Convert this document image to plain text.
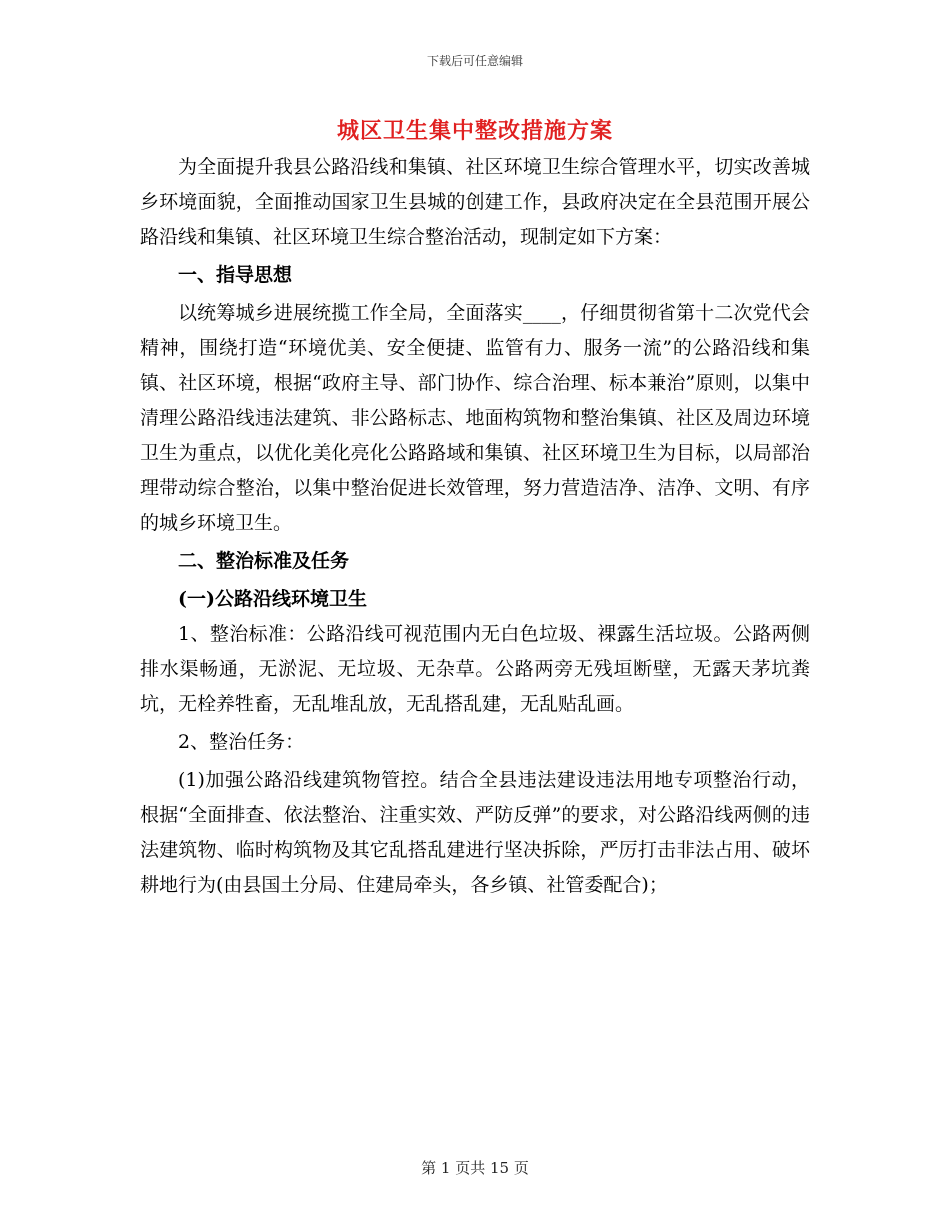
下载后可任意编辑
城区卫生集中整改措施方案

为全面提升我县公路沿线和集镇、社区环境卫生综合管理水平，切实改善城乡环境面貌，全面推动国家卫生县城的创建工作，县政府决定在全县范围开展公路沿线和集镇、社区环境卫生综合整治活动，现制定如下方案：

一、指导思想

以统筹城乡进展统揽工作全局，全面落实____，仔细贯彻省第十二次党代会精神，围绕打造“环境优美、安全便捷、监管有力、服务一流”的公路沿线和集镇、社区环境，根据“政府主导、部门协作、综合治理、标本兼治”原则，以集中清理公路沿线违法建筑、非公路标志、地面构筑物和整治集镇、社区及周边环境卫生为重点，以优化美化亮化公路路域和集镇、社区环境卫生为目标，以局部治理带动综合整治，以集中整治促进长效管理，努力营造洁净、洁净、文明、有序的城乡环境卫生。

二、整治标准及任务

(一)公路沿线环境卫生

1、整治标准：公路沿线可视范围内无白色垃圾、裸露生活垃圾。公路两侧排水渠畅通，无淤泥、无垃圾、无杂草。公路两旁无残垣断壁，无露天茅坑粪坑，无栓养牲畜，无乱堆乱放，无乱搭乱建，无乱贴乱画。

2、整治任务：

(1)加强公路沿线建筑物管控。结合全县违法建设违法用地专项整治行动，根据“全面排查、依法整治、注重实效、严防反弹”的要求，对公路沿线两侧的违法建筑物、临时构筑物及其它乱搭乱建进行坚决拆除，严厉打击非法占用、破坏耕地行为(由县国土分局、住建局牵头，各乡镇、社管委配合)；

第 1 页共 15 页
